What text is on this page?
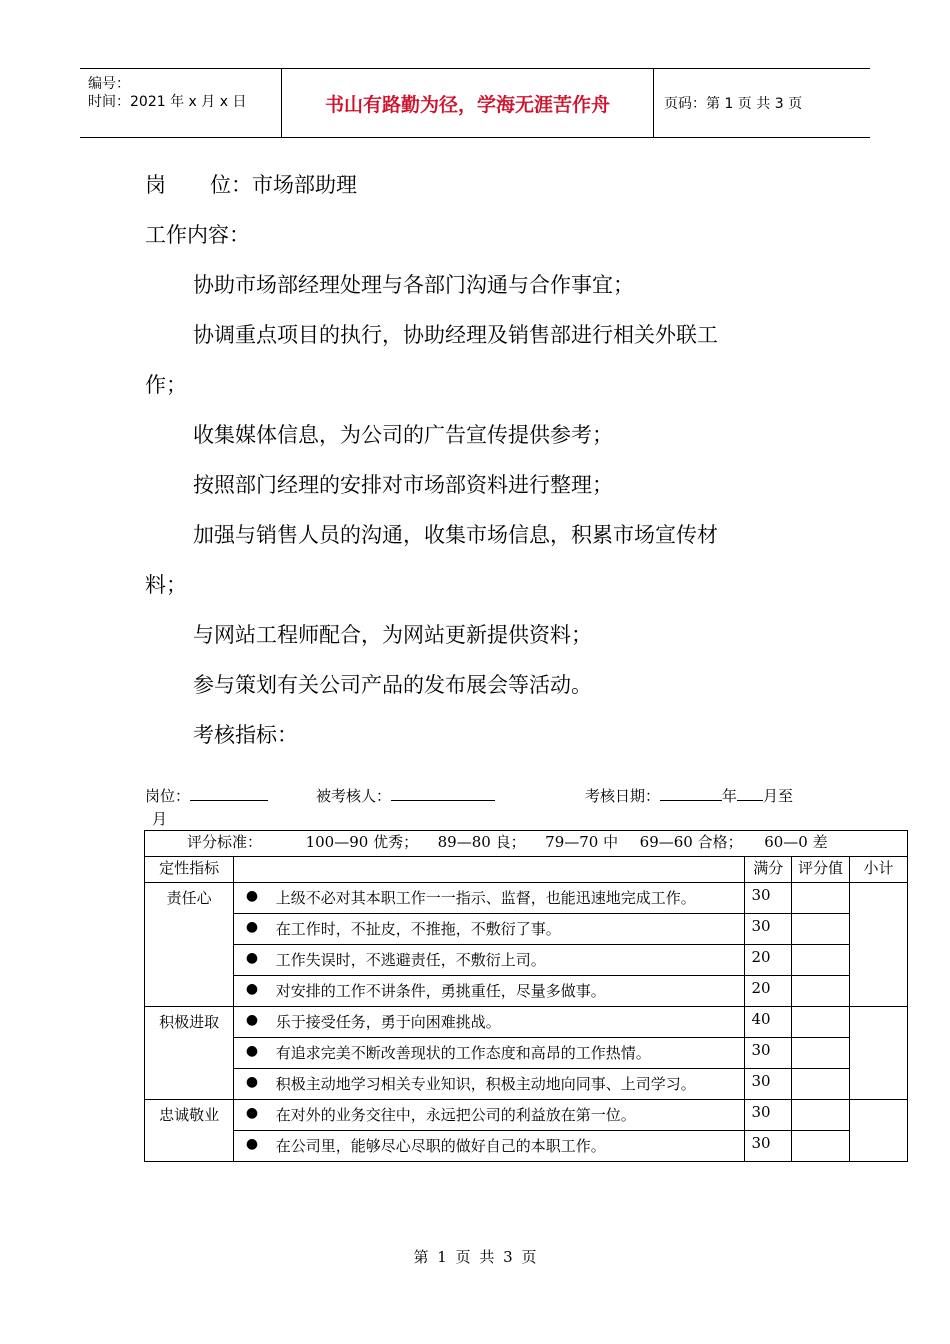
编号：
时间：2021 年 x 月 x 日	书山有路勤为径，学海无涯苦作舟	页码：第 1 页 共 3 页
岗 位：市场部助理
工作内容：
协助市场部经理处理与各部门沟通与合作事宜；
协调重点项目的执行，协助经理及销售部进行相关外联工
作；
收集媒体信息，为公司的广告宣传提供参考；
按照部门经理的安排对市场部资料进行整理；
加强与销售人员的沟通，收集市场信息，积累市场宣传材
料；
与网站工程师配合，为网站更新提供资料；
参与策划有关公司产品的发布展会等活动。
考核指标：
岗位：	被考核人：	考核日期：	年 月至
月
评分标准： 100—90 优秀； 89—80 良； 79—70 中 69—60 合格； 60—0 差					
定性指标			满分	评分值	小计
责任心	●	上级不必对其本职工作一一指示、监督，也能迅速地完成工作。	30		
	●	在工作时，不扯皮，不推拖，不敷衍了事。	30		
	●	工作失误时，不逃避责任，不敷衍上司。	20		
	●	对安排的工作不讲条件，勇挑重任，尽量多做事。	20		
积极进取	●	乐于接受任务，勇于向困难挑战。	40		
	●	有追求完美不断改善现状的工作态度和高昂的工作热情。	30		
	●	积极主动地学习相关专业知识，积极主动地向同事、上司学习。	30		
忠诚敬业	●	在对外的业务交往中，永远把公司的利益放在第一位。	30		
	●	在公司里，能够尽心尽职的做好自己的本职工作。	30		
第 1 页 共 3 页
